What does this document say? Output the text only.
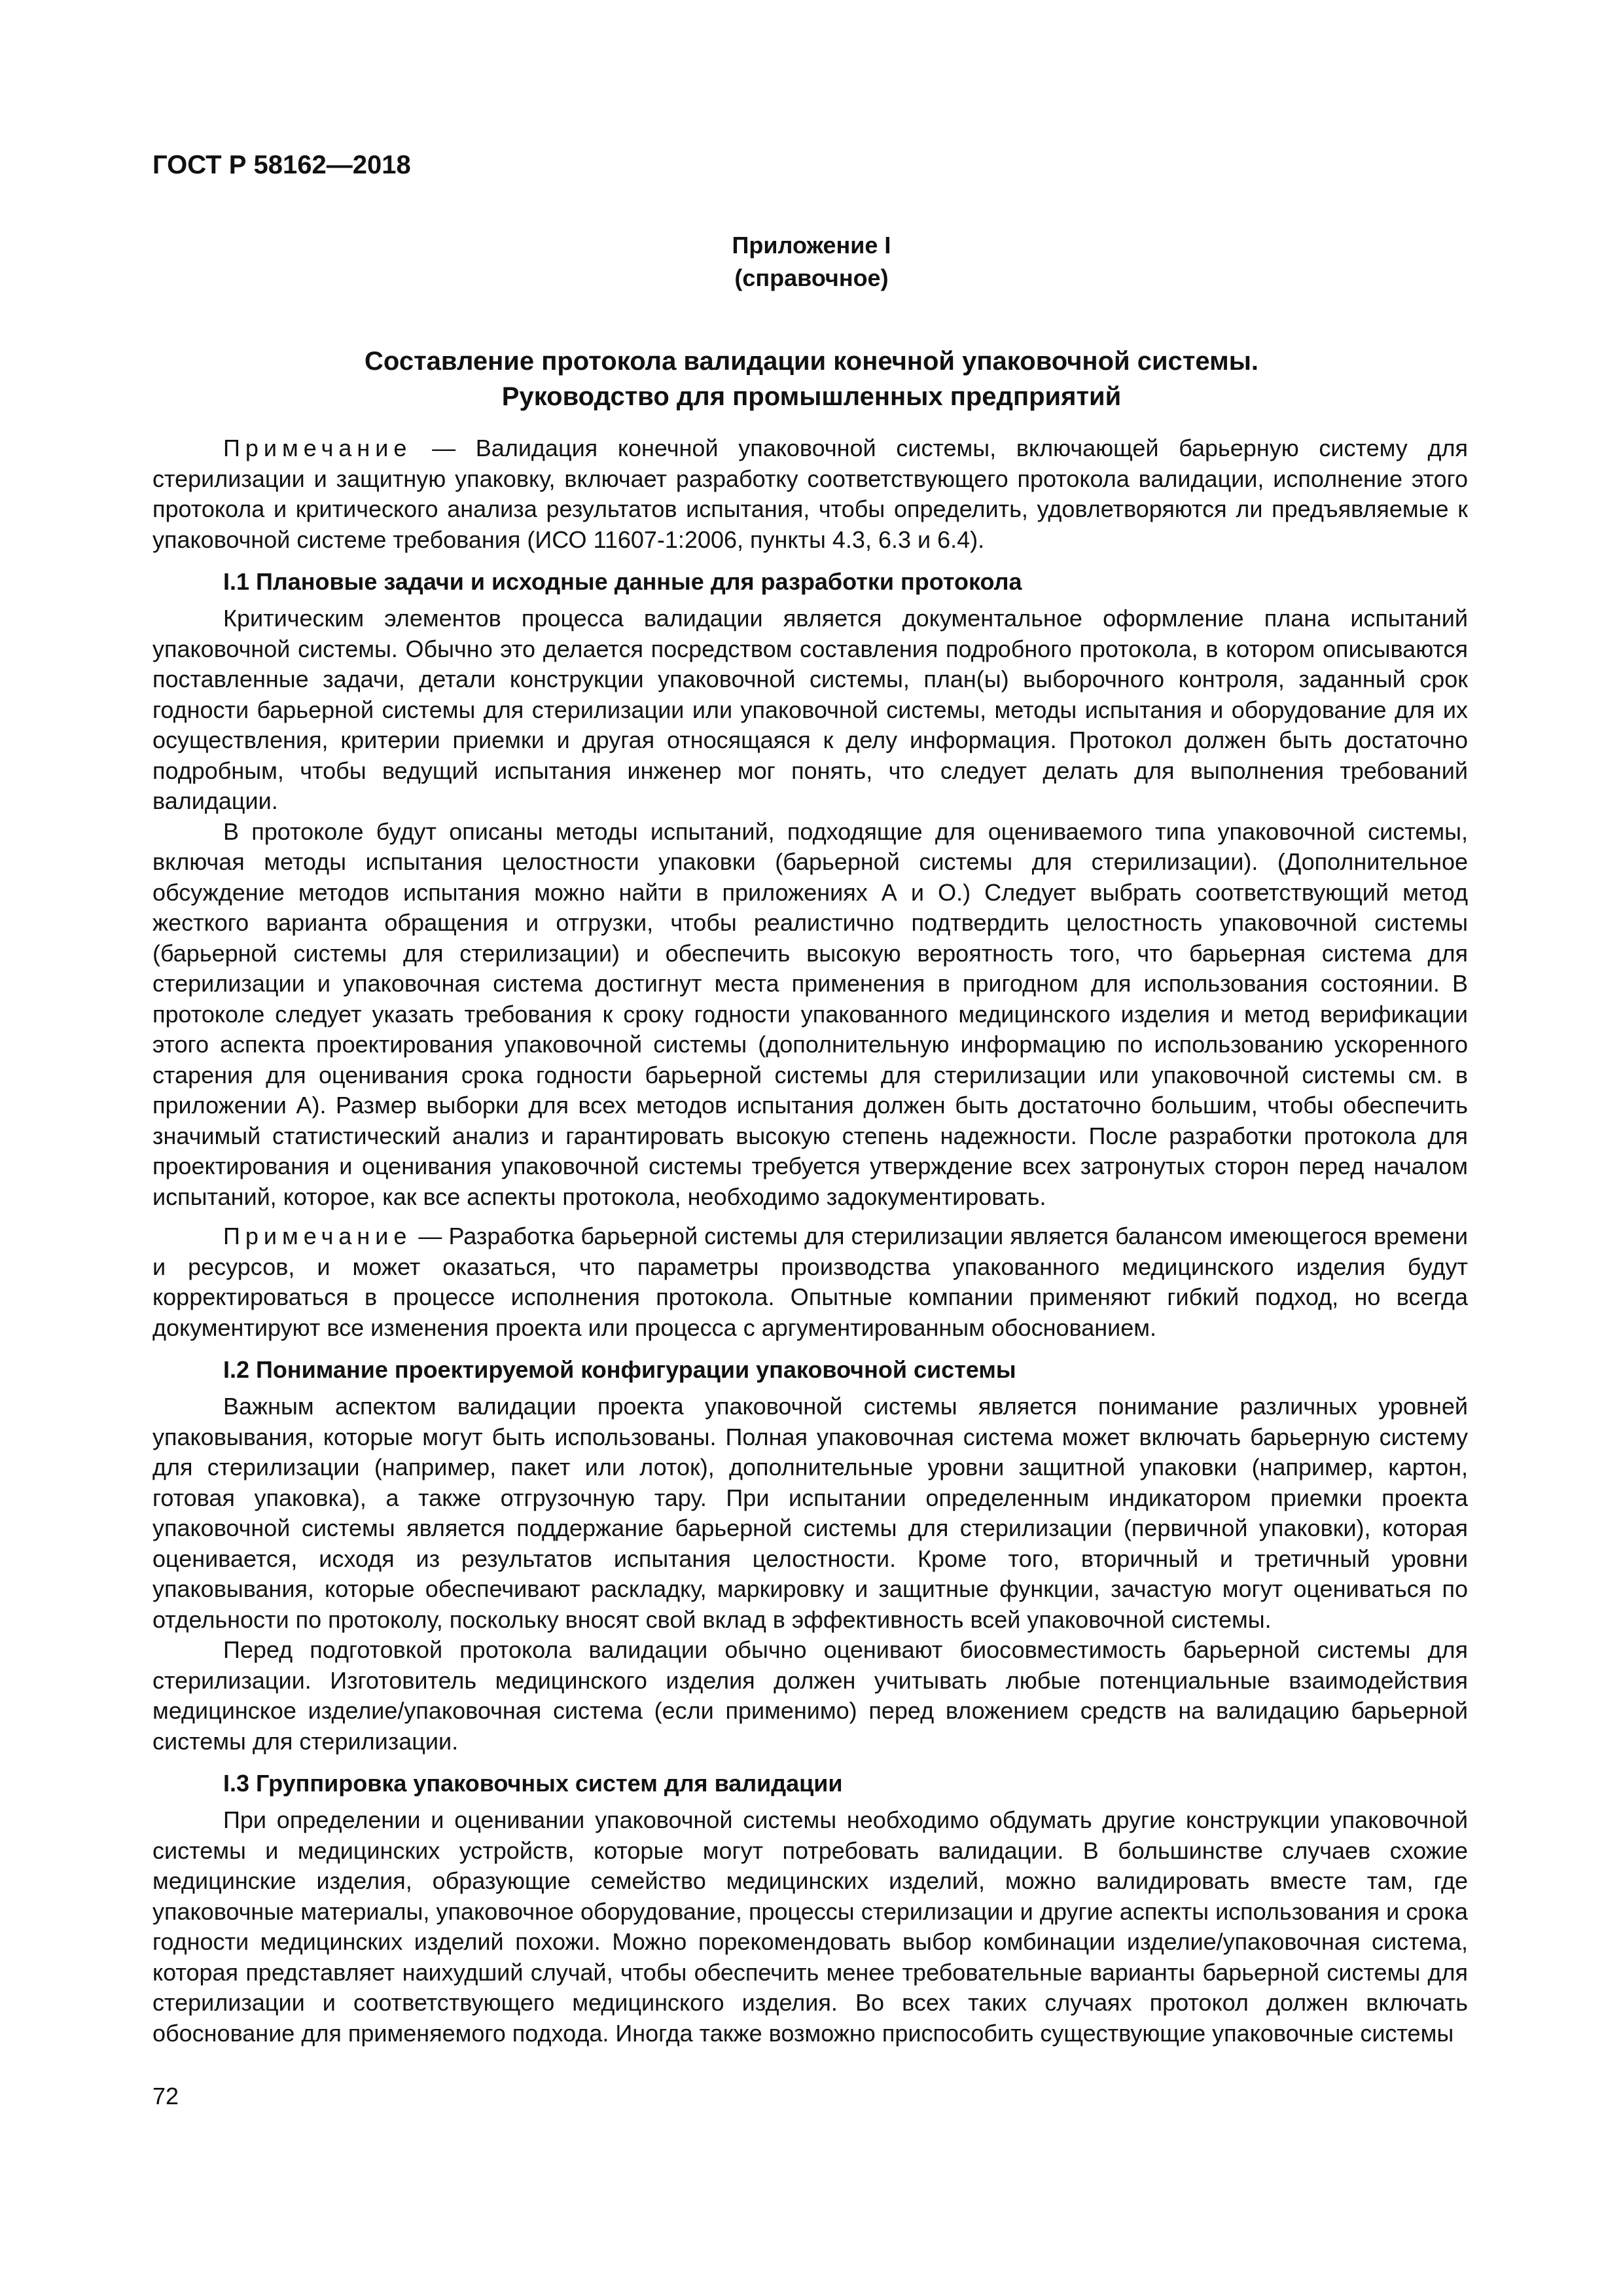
ГОСТ Р 58162—2018
Приложение I
(справочное)
Составление протокола валидации конечной упаковочной системы.
Руководство для промышленных предприятий

Примечание — Валидация конечной упаковочной системы, включающей барьерную систему для стерилизации и защитную упаковку, включает разработку соответствующего протокола валидации, исполнение этого протокола и критического анализа результатов испытания, чтобы определить, удовлетворяются ли предъявляемые к упаковочной системе требования (ИСО 11607-1:2006, пункты 4.3, 6.3 и 6.4).

I.1 Плановые задачи и исходные данные для разработки протокола

Критическим элементов процесса валидации является документальное оформление плана испытаний упаковочной системы. Обычно это делается посредством составления подробного протокола, в котором описываются поставленные задачи, детали конструкции упаковочной системы, план(ы) выборочного контроля, заданный срок годности барьерной системы для стерилизации или упаковочной системы, методы испытания и оборудование для их осуществления, критерии приемки и другая относящаяся к делу информация. Протокол должен быть достаточно подробным, чтобы ведущий испытания инженер мог понять, что следует делать для выполнения требований валидации.

В протоколе будут описаны методы испытаний, подходящие для оцениваемого типа упаковочной системы, включая методы испытания целостности упаковки (барьерной системы для стерилизации). (Дополнительное обсуждение методов испытания можно найти в приложениях А и О.) Следует выбрать соответствующий метод жесткого варианта обращения и отгрузки, чтобы реалистично подтвердить целостность упаковочной системы (барьерной системы для стерилизации) и обеспечить высокую вероятность того, что барьерная система для стерилизации и упаковочная система достигнут места применения в пригодном для использования состоянии. В протоколе следует указать требования к сроку годности упакованного медицинского изделия и метод верификации этого аспекта проектирования упаковочной системы (дополнительную информацию по использованию ускоренного старения для оценивания срока годности барьерной системы для стерилизации или упаковочной системы см. в приложении А). Размер выборки для всех методов испытания должен быть достаточно большим, чтобы обеспечить значимый статистический анализ и гарантировать высокую степень надежности. После разработки протокола для проектирования и оценивания упаковочной системы требуется утверждение всех затронутых сторон перед началом испытаний, которое, как все аспекты протокола, необходимо задокументировать.

Примечание — Разработка барьерной системы для стерилизации является балансом имеющегося времени и ресурсов, и может оказаться, что параметры производства упакованного медицинского изделия будут корректироваться в процессе исполнения протокола. Опытные компании применяют гибкий подход, но всегда документируют все изменения проекта или процесса с аргументированным обоснованием.

I.2 Понимание проектируемой конфигурации упаковочной системы

Важным аспектом валидации проекта упаковочной системы является понимание различных уровней упаковывания, которые могут быть использованы. Полная упаковочная система может включать барьерную систему для стерилизации (например, пакет или лоток), дополнительные уровни защитной упаковки (например, картон, готовая упаковка), а также отгрузочную тару. При испытании определенным индикатором приемки проекта упаковочной системы является поддержание барьерной системы для стерилизации (первичной упаковки), которая оценивается, исходя из результатов испытания целостности. Кроме того, вторичный и третичный уровни упаковывания, которые обеспечивают раскладку, маркировку и защитные функции, зачастую могут оцениваться по отдельности по протоколу, поскольку вносят свой вклад в эффективность всей упаковочной системы.

Перед подготовкой протокола валидации обычно оценивают биосовместимость барьерной системы для стерилизации. Изготовитель медицинского изделия должен учитывать любые потенциальные взаимодействия медицинское изделие/упаковочная система (если применимо) перед вложением средств на валидацию барьерной системы для стерилизации.

I.3 Группировка упаковочных систем для валидации

При определении и оценивании упаковочной системы необходимо обдумать другие конструкции упаковочной системы и медицинских устройств, которые могут потребовать валидации. В большинстве случаев схожие медицинские изделия, образующие семейство медицинских изделий, можно валидировать вместе там, где упаковочные материалы, упаковочное оборудование, процессы стерилизации и другие аспекты использования и срока годности медицинских изделий похожи. Можно порекомендовать выбор комбинации изделие/упаковочная система, которая представляет наихудший случай, чтобы обеспечить менее требовательные варианты барьерной системы для стерилизации и соответствующего медицинского изделия. Во всех таких случаях протокол должен включать обоснование для применяемого подхода. Иногда также возможно приспособить существующие упаковочные системы

72
